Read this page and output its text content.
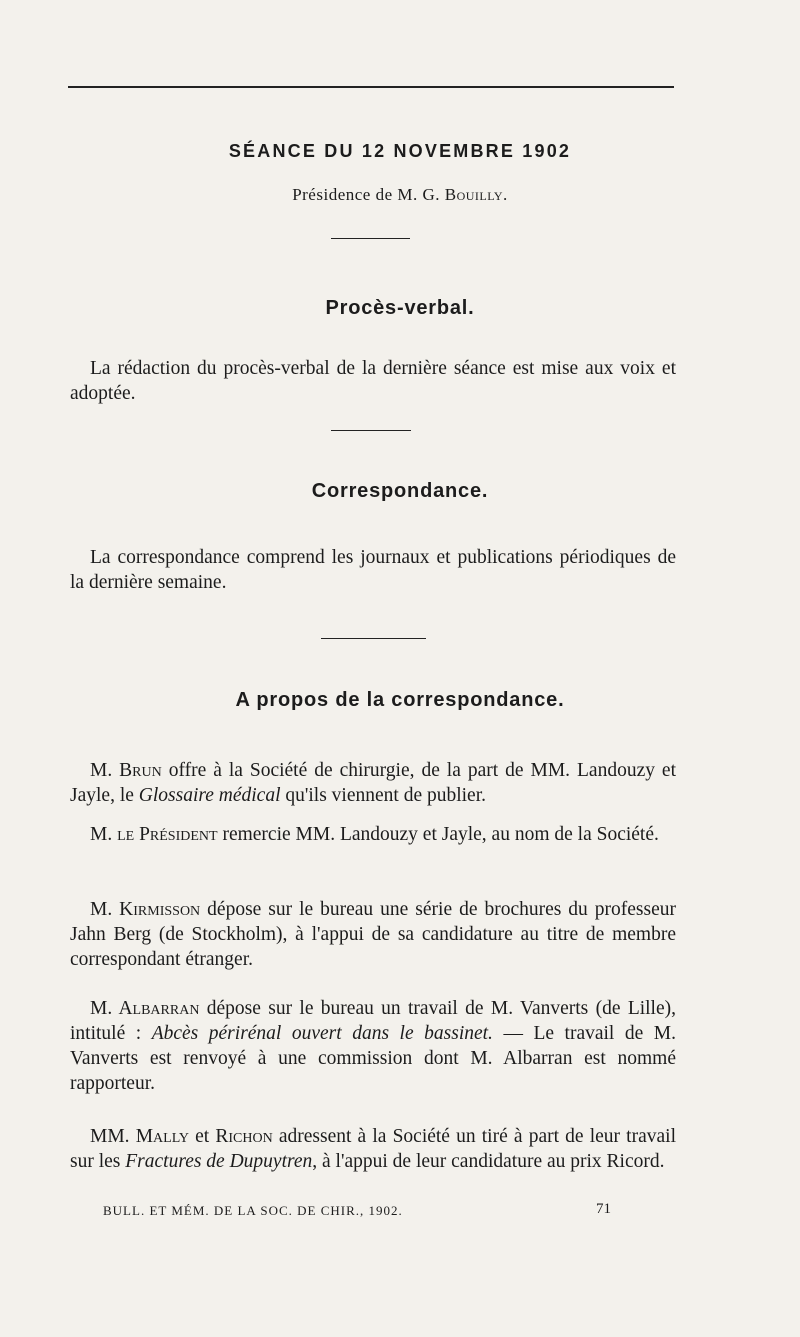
SÉANCE DU 12 NOVEMBRE 1902
Présidence de M. G. Bouilly.
Procès-verbal.
La rédaction du procès-verbal de la dernière séance est mise aux voix et adoptée.
Correspondance.
La correspondance comprend les journaux et publications périodiques de la dernière semaine.
A propos de la correspondance.
M. Brun offre à la Société de chirurgie, de la part de MM. Landouzy et Jayle, le Glossaire médical qu'ils viennent de publier.
M. le Président remercie MM. Landouzy et Jayle, au nom de la Société.
M. Kirmisson dépose sur le bureau une série de brochures du professeur Jahn Berg (de Stockholm), à l'appui de sa candidature au titre de membre correspondant étranger.
M. Albarran dépose sur le bureau un travail de M. Vanverts (de Lille), intitulé : Abcès périrénal ouvert dans le bassinet. — Le travail de M. Vanverts est renvoyé à une commission dont M. Albarran est nommé rapporteur.
MM. Mally et Richon adressent à la Société un tiré à part de leur travail sur les Fractures de Dupuytren, à l'appui de leur candidature au prix Ricord.
BULL. ET MÉM. DE LA SOC. DE CHIR., 1902.	71
